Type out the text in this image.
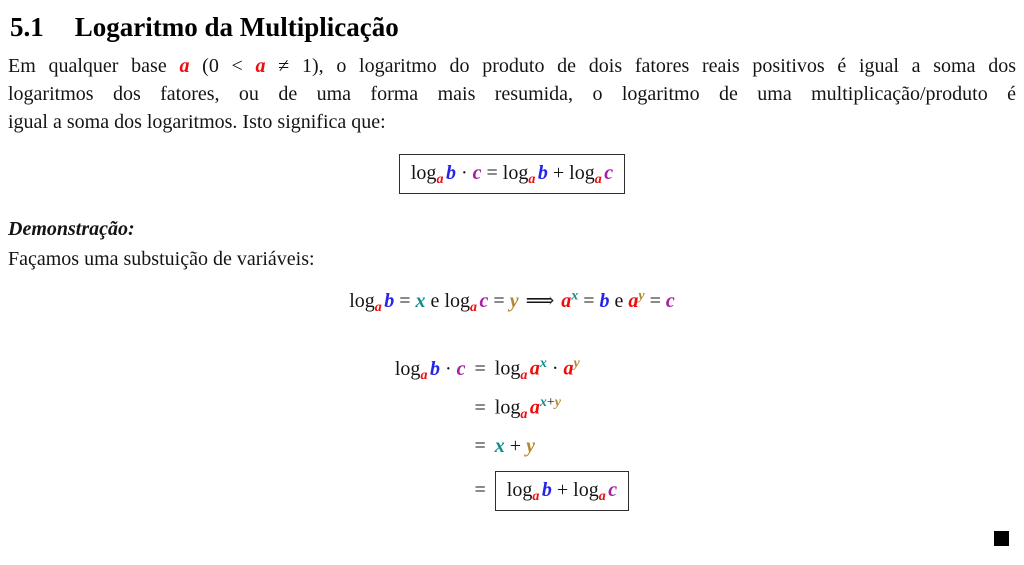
5.1 Logaritmo da Multiplicação
Em qualquer base a (0 < a ≠ 1), o logaritmo do produto de dois fatores reais positivos é igual a soma dos
logaritmos dos fatores, ou de uma forma mais resumida, o logaritmo de uma multiplicação/produto é
igual a soma dos logaritmos. Isto significa que:
$\log_a b \cdot c = \log_a b + \log_a c$
Demonstração:
Façamos uma substuição de variáveis:
$\log_a b = x$ e $\log_a c = y$ ⟹ $a^x = b$ e $a^y = c$
$\log_a b \cdot c$	=	$\log_a a^x \cdot a^y$
	=	$\log_a a^{x+y}$
	=	x + y
	=	$\log_a b + \log_a c$
